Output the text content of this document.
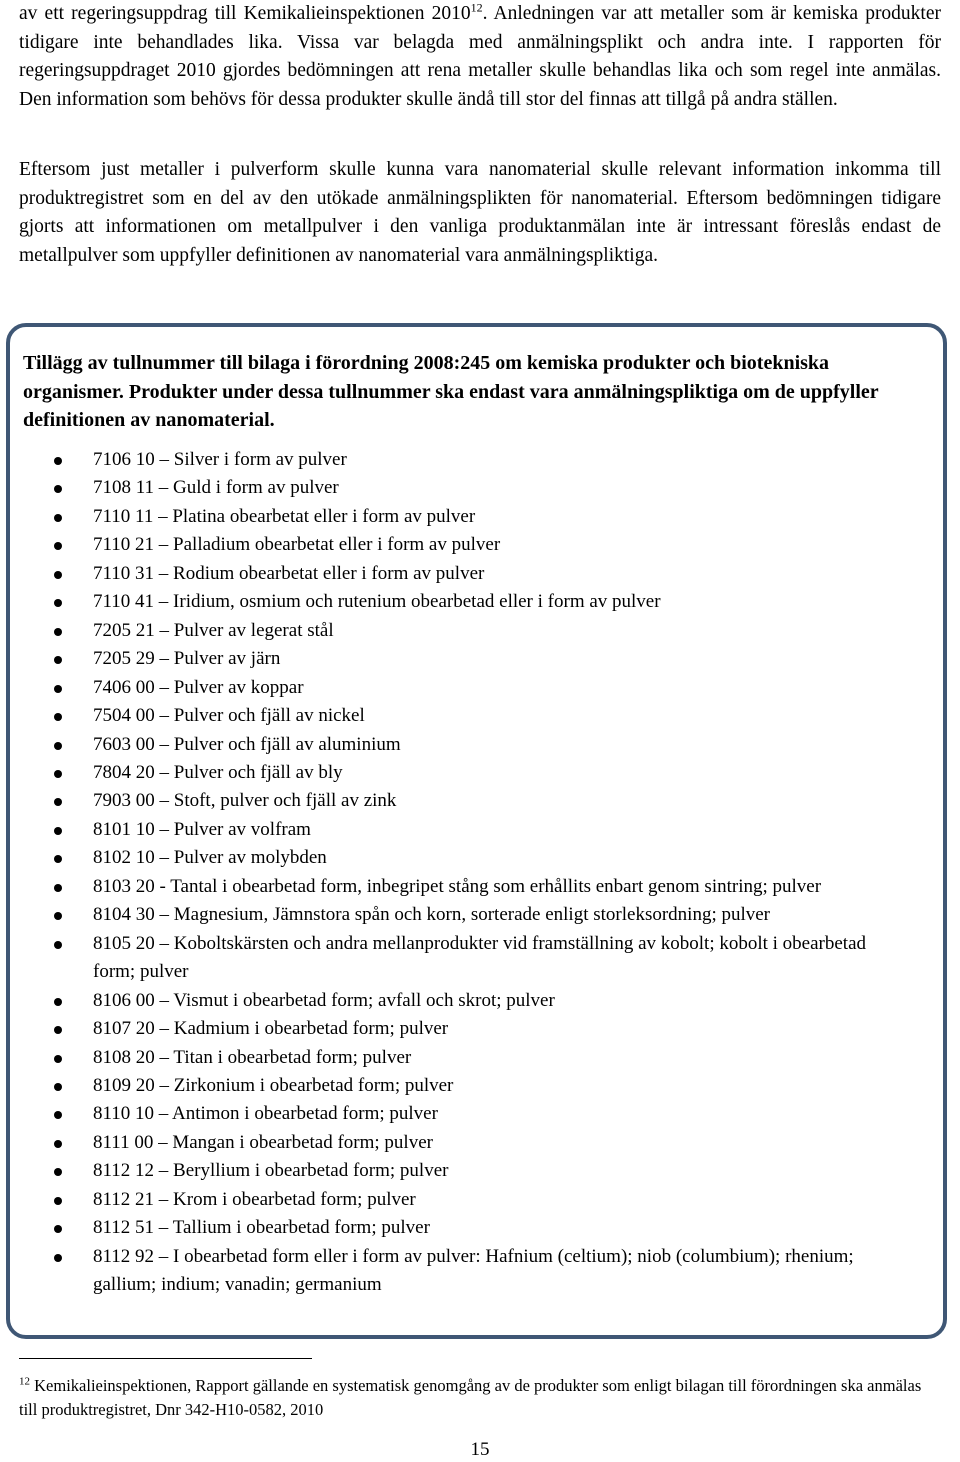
av ett regeringsuppdrag till Kemikalieinspektionen 2010$^{12}$. Anledningen var att metaller som är kemiska produkter tidigare inte behandlades lika. Vissa var belagda med anmälningsplikt och andra inte. I rapporten för regeringsuppdraget 2010 gjordes bedömningen att rena metaller skulle behandlas lika och som regel inte anmälas. Den information som behövs för dessa produkter skulle ändå till stor del finnas att tillgå på andra ställen.

Eftersom just metaller i pulverform skulle kunna vara nanomaterial skulle relevant information inkomma till produktregistret som en del av den utökade anmälningsplikten för nanomaterial. Eftersom bedömningen tidigare gjorts att informationen om metallpulver i den vanliga produktanmälan inte är intressant föreslås endast de metallpulver som uppfyller definitionen av nanomaterial vara anmälningspliktiga.

Tillägg av tullnummer till bilaga i förordning 2008:245 om kemiska produkter och biotekniska organismer. Produkter under dessa tullnummer ska endast vara anmälningspliktiga om de uppfyller definitionen av nanomaterial.

7106 10 – Silver i form av pulver
7108 11 – Guld i form av pulver
7110 11 – Platina obearbetat eller i form av pulver
7110 21 – Palladium obearbetat eller i form av pulver
7110 31 – Rodium obearbetat eller i form av pulver
7110 41 – Iridium, osmium och rutenium obearbetad eller i form av pulver
7205 21 – Pulver av legerat stål
7205 29 – Pulver av järn
7406 00 – Pulver av koppar
7504 00 – Pulver och fjäll av nickel
7603 00 – Pulver och fjäll av aluminium
7804 20 – Pulver och fjäll av bly
7903 00 – Stoft, pulver och fjäll av zink
8101 10 – Pulver av volfram
8102 10 – Pulver av molybden
8103 20 - Tantal i obearbetad form, inbegripet stång som erhållits enbart genom sintring; pulver
8104 30 – Magnesium, Jämnstora spån och korn, sorterade enligt storleksordning; pulver
8105 20 – Koboltskärsten och andra mellanprodukter vid framställning av kobolt; kobolt i obearbetad form; pulver
8106 00 – Vismut i obearbetad form; avfall och skrot; pulver
8107 20 – Kadmium i obearbetad form; pulver
8108 20 – Titan i obearbetad form; pulver
8109 20 – Zirkonium i obearbetad form; pulver
8110 10 – Antimon i obearbetad form; pulver
8111 00 – Mangan i obearbetad form; pulver
8112 12 – Beryllium i obearbetad form; pulver
8112 21 – Krom i obearbetad form; pulver
8112 51 – Tallium i obearbetad form; pulver
8112 92 – I obearbetad form eller i form av pulver: Hafnium (celtium); niob (columbium); rhenium; gallium; indium; vanadin; germanium

$^{12}$ Kemikalieinspektionen, Rapport gällande en systematisk genomgång av de produkter som enligt bilagan till förordningen ska anmälas till produktregistret, Dnr 342-H10-0582, 2010

15
